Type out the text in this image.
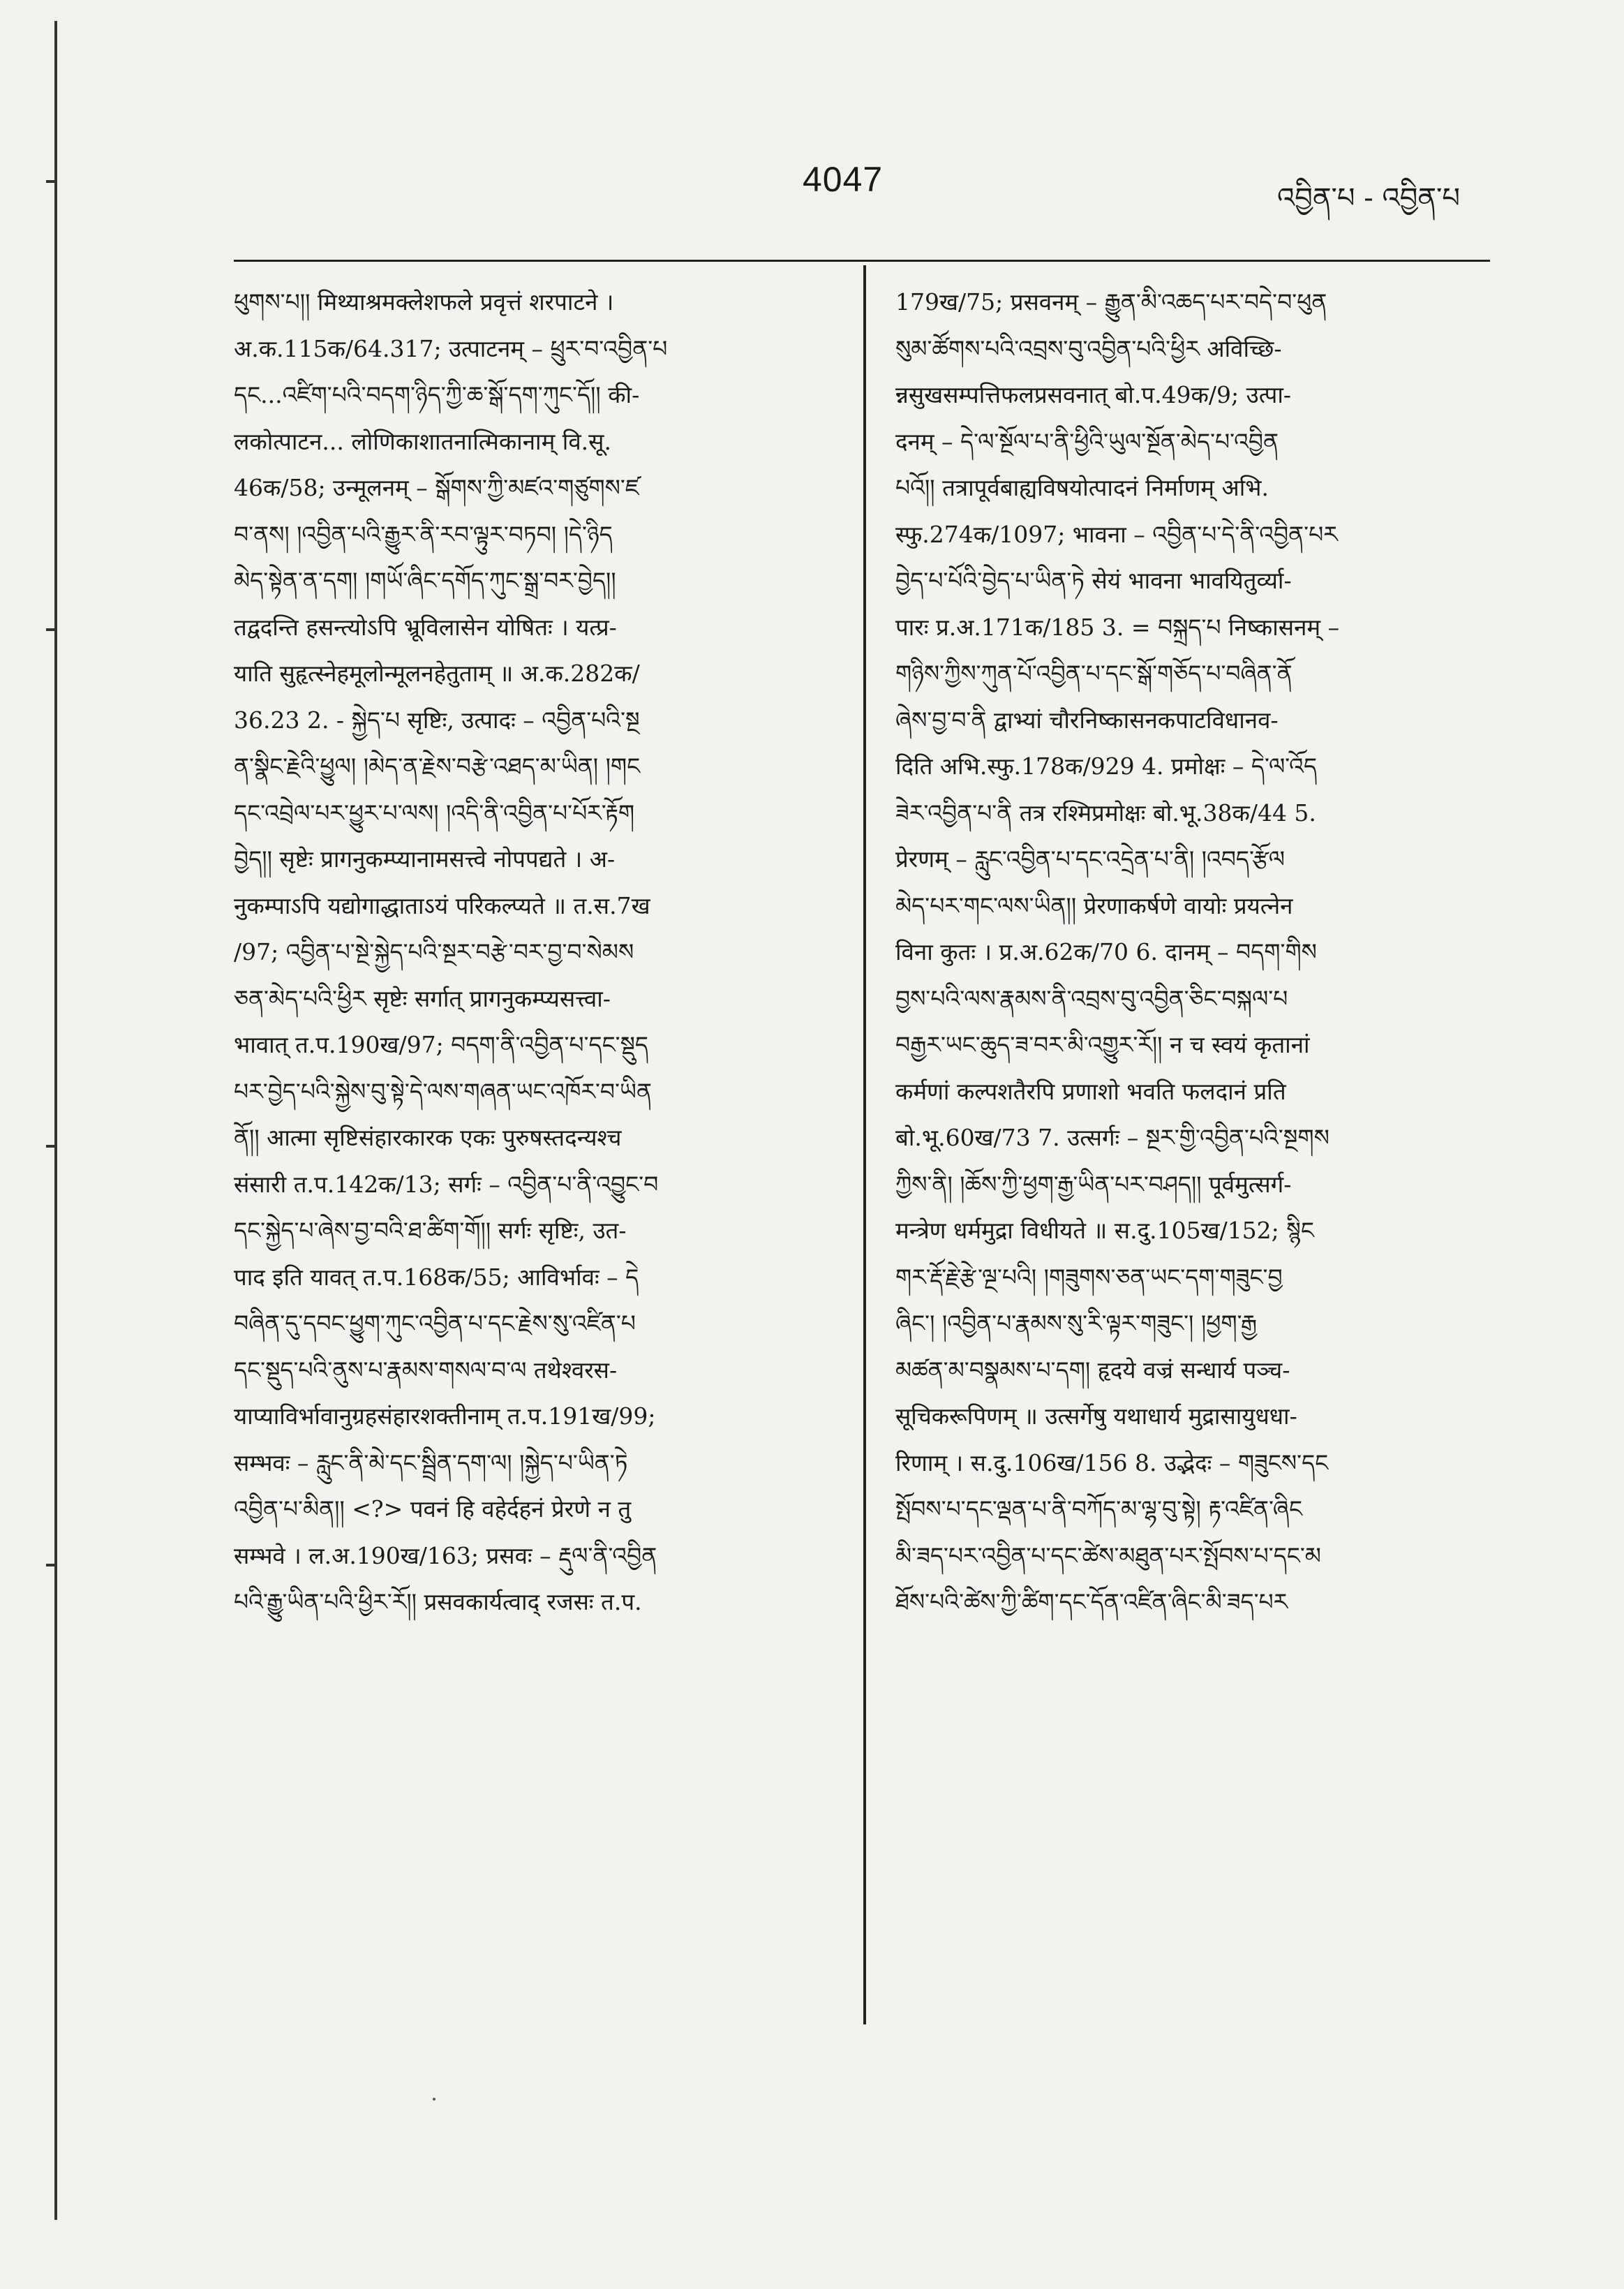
4047	འབྱིན་པ - འབྱིན་པ
ཕུགས་པ།། मिथ्याश्रमक्लेशफले प्रवृत्तं शरपाटने ।
अ.क.115क/64.317; उत्पाटनम् – ཕྲུར་བ་འབྱིན་པ
དང...འཛིག་པའི་བདག་ཉིད་ཀྱི་ཆ་སྒོ་དག་ཀུང་དོ།། की-
लकोत्पाटन... लोणिकाशातनात्मिकानाम् वि.सू.
46क/58; उन्मूलनम् – སྒོགས་ཀྱི་མཛའ་གཙུགས་ཛ
བ་ནས། །འབྱིན་པའི་རྒྱུར་ནི་རབ་ལྟུར་བཏབ། །དེ་ཉིད
མེད་སྟེན་ན་དག། །གཡོ་ཞིང་དགོད་ཀུང་སྒྲ་བར་བྱེད།།
तद्वदन्ति हसन्त्योऽपि भ्रूविलासेन योषितः । यत्प्र-
याति सुहृत्स्नेहमूलोन्मूलनहेतुताम् ॥ अ.क.282क/
36.23 2. - སྐྱེད་པ सृष्टिः, उत्पादः – འབྱིན་པའི་སྔ
ན་སྣིང་རྗེའི་ཕྱུལ། །མེད་ན་རྗེས་བརྩེ་འཐད་མ་ཡིན། །གང
དང་འབྲེལ་པར་ཕྱུར་པ་ལས། །འདི་ནི་འབྱིན་པ་པོར་རྟོག
བྱེད།། सृष्टेः प्रागनुकम्प्यानामसत्त्वे नोपपद्यते । अ-
नुकम्पाऽपि यद्योगाद्धाताऽयं परिकल्प्यते ॥ त.स.7ख
/97; འབྱིན་པ་སྔེ་སྐྱེད་པའི་སྔར་བརྩེ་བར་བྱ་བ་སེམས
ཅན་མེད་པའི་ཕྱིར सृष्टेः सर्गात् प्रागनुकम्प्यसत्त्वा-
भावात् त.प.190ख/97; བདག་ནི་འབྱིན་པ་དང་སྡུད
པར་བྱེད་པའི་སྐྱེས་བུ་སྟེ་དེ་ལས་གཞན་ཡང་འཁོར་བ་ཡིན
ནོ།། आत्मा सृष्टिसंहारकारक एकः पुरुषस्तदन्यश्च
संसारी त.प.142क/13; सर्गः – འབྱིན་པ་ནི་འབྱུང་བ
དང་སྐྱེད་པ་ཞེས་བྱ་བའི་ཐ་ཚིག་གོ།། सर्गः सृष्टिः, उत-
पाद इति यावत् त.प.168क/55; आविर्भावः – དེ
བཞིན་དུ་དབང་ཕྱུག་ཀུང་འབྱིན་པ་དང་རྗེས་སུ་འཛིན་པ
དང་སྡུད་པའི་ནུས་པ་རྣམས་གསལ་བ་ལ तथेश्वरस-
याप्याविर्भावानुग्रहसंहारशक्तीनाम् त.प.191ख/99;
सम्भवः – རླུང་ནི་མེ་དང་སྦྲིན་དག་ལ། །སྐྱེད་པ་ཡིན་ཏེ
འབྱིན་པ་མིན།། <?> पवनं हि वहेर्दहनं प्रेरणे न तु
सम्भवे । ल.अ.190ख/163; प्रसवः – རྡུལ་ནི་འབྱིན
པའི་རྒྱུ་ཡིན་པའི་ཕྱིར་རོ།། प्रसवकार्यत्वाद् रजसः त.प.
179ख/75; प्रसवनम् – རྒྱུན་མི་འཆད་པར་བདེ་བ་ཕུན
སུམ་ཚོགས་པའི་འབྲས་བུ་འབྱིན་པའི་ཕྱིར अविच्छि-
न्नसुखसम्पत्तिफलप्रसवनात् बो.प.49क/9; उत्पा-
दनम् – དེ་ལ་སྔོལ་པ་ནི་ཕྱིའི་ཡུལ་སྔོན་མེད་པ་འབྱིན
པའོ།། तत्रापूर्वबाह्यविषयोत्पादनं निर्माणम् अभि.
स्फु.274क/1097; भावना – འབྱིན་པ་དེ་ནི་འབྱིན་པར
བྱེད་པ་པོའི་བྱེད་པ་ཡིན་ཏེ सेयं भावना भावयितुर्व्या-
पारः प्र.अ.171क/185 3. = བསྐྲད་པ निष्कासनम् –
གཉིས་ཀྱིས་ཀུན་པོ་འབྱིན་པ་དང་སྒོ་གཅོད་པ་བཞིན་ནོ
ཞེས་བྱ་བ་ནི द्वाभ्यां चौरनिष्कासनकपाटविधानव-
दिति अभि.स्फु.178क/929 4. प्रमोक्षः – དེ་ལ་འོད
ཟེར་འབྱིན་པ་ནི तत्र रश्मिप्रमोक्षः बो.भू.38क/44 5.
प्रेरणम् – རླུང་འབྱིན་པ་དང་འདྲེན་པ་ནི། །འབད་རྩོལ
མེད་པར་གང་ལས་ཡིན།། प्रेरणाकर्षणे वायोः प्रयत्नेन
विना कुतः । प्र.अ.62क/70 6. दानम् – བདག་གིས
བྱས་པའི་ལས་རྣམས་ནི་འབྲས་བུ་འབྱིན་ཅིང་བསྐལ་པ
བརྒྱར་ཡང་ཆུད་ཟ་བར་མི་འགྱུར་རོ།། न च स्वयं कृतानां
कर्मणां कल्पशतैरपि प्रणाशो भवति फलदानं प्रति
बो.भू.60ख/73 7. उत्सर्गः – སྔར་གྱི་འབྱིན་པའི་སྔགས
ཀྱིས་ནི། །ཆོས་ཀྱི་ཕྱག་རྒྱ་ཡིན་པར་བཤད།། पूर्वमुत्सर्ग-
मन्त्रेण धर्ममुद्रा विधीयते ॥ स.दु.105ख/152; སྙིང
གར་རྡོ་རྗེ་རྩེ་ལྔ་པའི། །གཟུགས་ཅན་ཡང་དག་གཟུང་བྱ
ཞིང་། །འབྱིན་པ་རྣམས་སུ་རི་ལྟར་གཟུང་། །ཕྱག་རྒྱ
མཚན་མ་བསྣམས་པ་དག། हृदये वज्रं सन्धार्य पञ्च-
सूचिकरूपिणम् ॥ उत्सर्गेषु यथाधार्य मुद्रासायुधधा-
रिणाम् । स.दु.106ख/156 8. उद्भेदः – གཟུངས་དང
སྤོབས་པ་དང་ལྡན་པ་ནི་བཀོད་མ་ལྷ་བུ་སྟེ། རྟ་འཛིན་ཞིང
མི་ཟད་པར་འབྱིན་པ་དང་ཚེས་མཐུན་པར་སྤོབས་པ་དང་མ
ཐོས་པའི་ཚེས་ཀྱི་ཚིག་དང་དོན་འཛིན་ཞིང་མི་ཟད་པར
